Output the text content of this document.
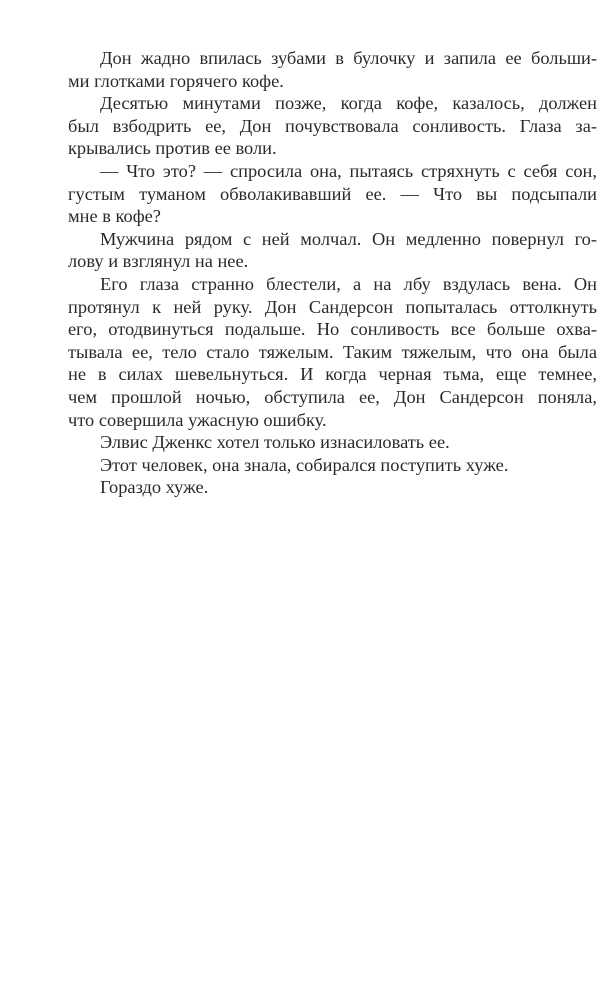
Дон жадно впилась зубами в булочку и запила ее больши-
ми глотками горячего кофе.
Десятью минутами позже, когда кофе, казалось, должен
был взбодрить ее, Дон почувствовала сонливость. Глаза за-
крывались против ее воли.
— Что это? — спросила она, пытаясь стряхнуть с себя сон,
густым туманом обволакивавший ее. — Что вы подсыпали
мне в кофе?
Мужчина рядом с ней молчал. Он медленно повернул го-
лову и взглянул на нее.
Его глаза странно блестели, а на лбу вздулась вена. Он
протянул к ней руку. Дон Сандерсон попыталась оттолкнуть
его, отодвинуться подальше. Но сонливость все больше охва-
тывала ее, тело стало тяжелым. Таким тяжелым, что она была
не в силах шевельнуться. И когда черная тьма, еще темнее,
чем прошлой ночью, обступила ее, Дон Сандерсон поняла,
что совершила ужасную ошибку.
Элвис Дженкс хотел только изнасиловать ее.
Этот человек, она знала, собирался поступить хуже.
Гораздо хуже.
